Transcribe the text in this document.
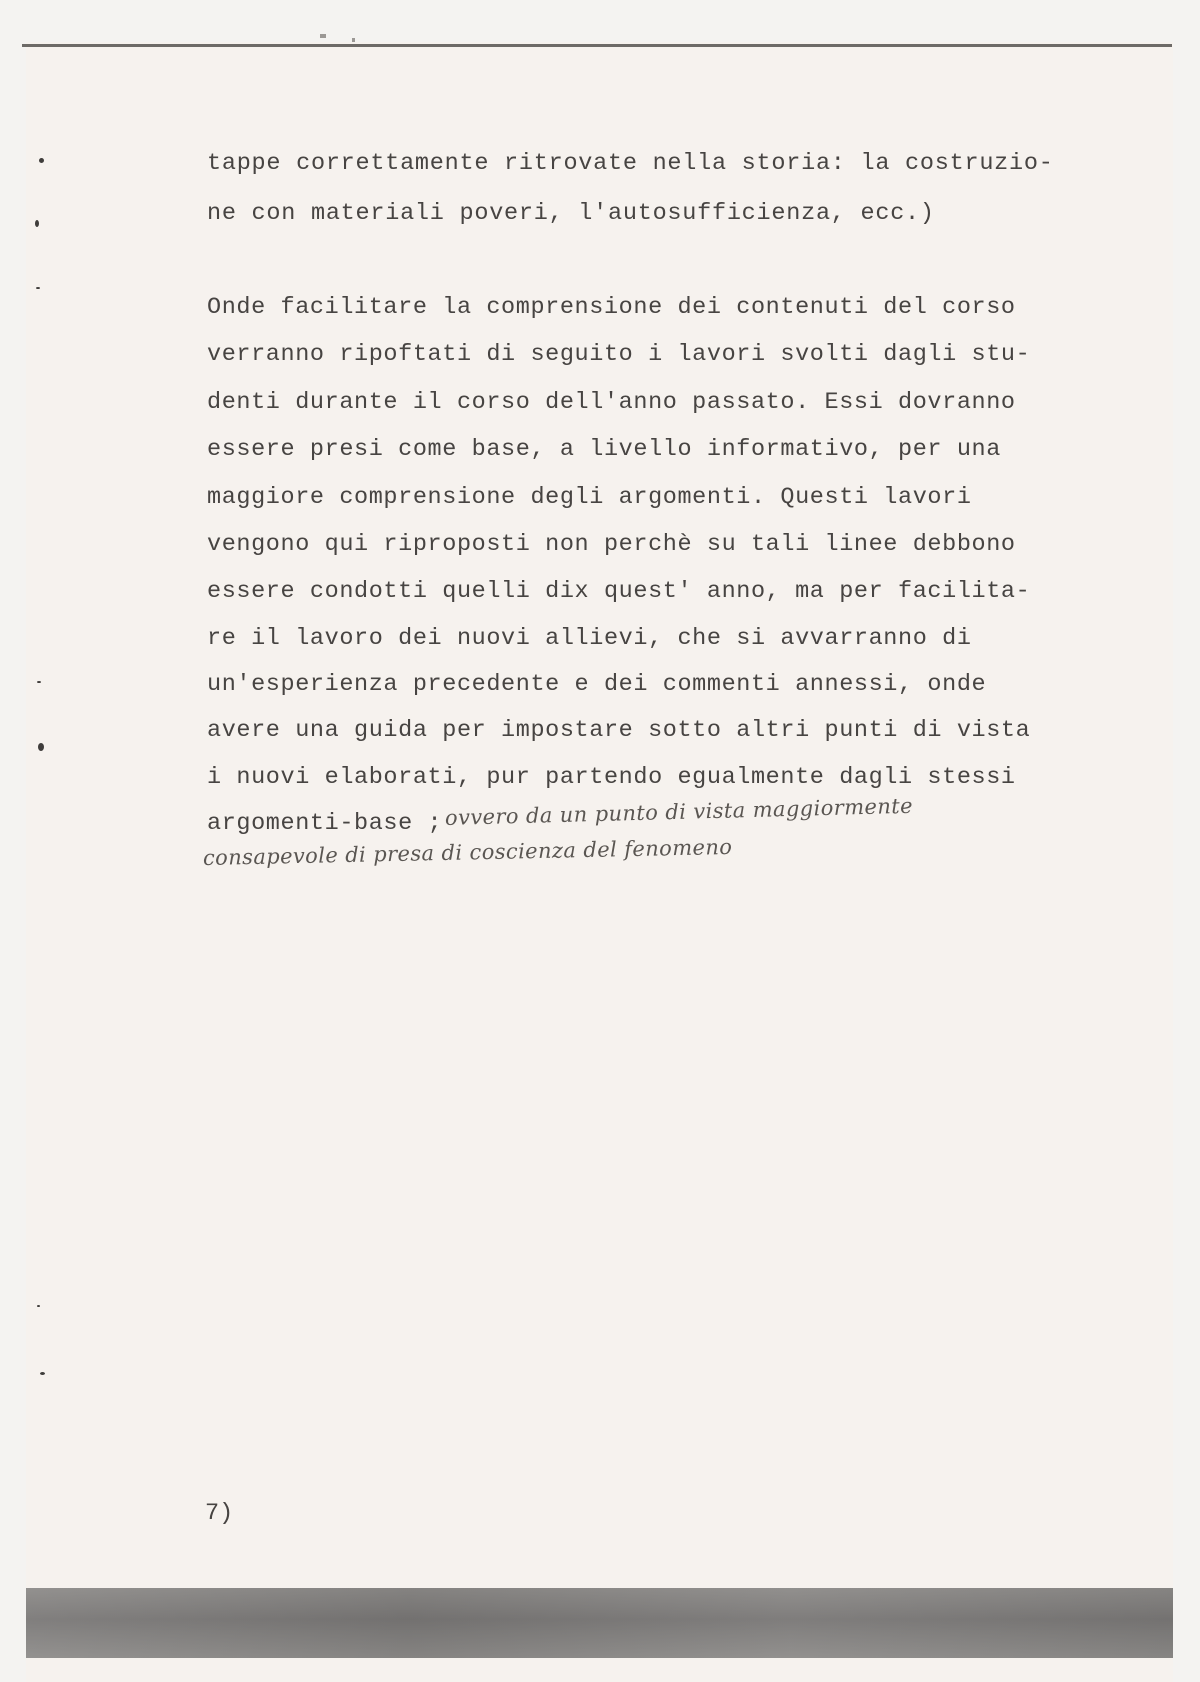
tappe correttamente ritrovate nella storia: la costruzio-
ne con materiali poveri, l'autosufficienza, ecc.)
Onde facilitare la comprensione dei contenuti del corso
verranno ripoftati di seguito i lavori svolti dagli stu-
denti durante il corso dell'anno passato. Essi dovranno
essere presi come base, a livello informativo, per una
maggiore comprensione degli argomenti. Questi lavori
vengono qui riproposti non perchè su tali linee debbono
essere condotti quelli dix quest' anno, ma per facilita-
re il lavoro dei nuovi allievi, che si avvarranno di
un'esperienza precedente e dei commenti annessi, onde
avere una guida per impostare sotto altri punti di vista
i nuovi elaborati, pur partendo egualmente dagli stessi
argomenti-base ; ovvero da un punto di vista maggiormente
consapevole di presa di coscienza del fenomeno
7)
